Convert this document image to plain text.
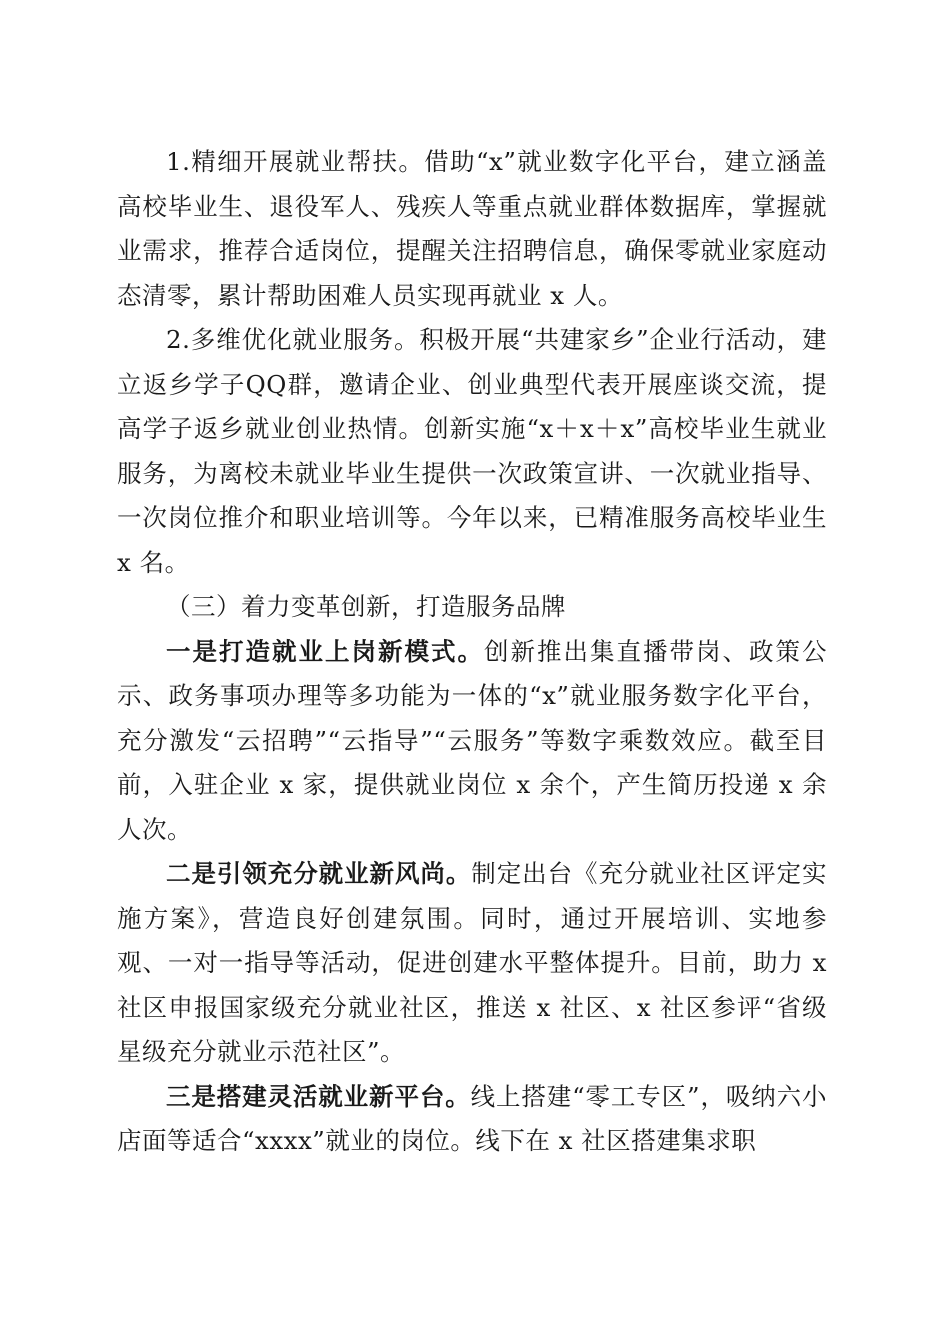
1.精细开展就业帮扶。借助“x”就业数字化平台，建立涵盖高校毕业生、退役军人、残疾人等重点就业群体数据库，掌握就业需求，推荐合适岗位，提醒关注招聘信息，确保零就业家庭动态清零，累计帮助困难人员实现再就业 x 人。

2.多维优化就业服务。积极开展“共建家乡”企业行活动，建立返乡学子QQ群，邀请企业、创业典型代表开展座谈交流，提高学子返乡就业创业热情。创新实施“x＋x＋x”高校毕业生就业服务，为离校未就业毕业生提供一次政策宣讲、一次就业指导、一次岗位推介和职业培训等。今年以来，已精准服务高校毕业生 x 名。

（三）着力变革创新，打造服务品牌

一是打造就业上岗新模式。创新推出集直播带岗、政策公示、政务事项办理等多功能为一体的“x”就业服务数字化平台，充分激发“云招聘”“云指导”“云服务”等数字乘数效应。截至目前，入驻企业 x 家，提供就业岗位 x 余个，产生简历投递 x 余人次。

二是引领充分就业新风尚。制定出台《充分就业社区评定实施方案》，营造良好创建氛围。同时，通过开展培训、实地参观、一对一指导等活动，促进创建水平整体提升。目前，助力 x 社区申报国家级充分就业社区，推送 x 社区、x 社区参评“省级星级充分就业示范社区”。

三是搭建灵活就业新平台。线上搭建“零工专区”，吸纳六小店面等适合“xxxx”就业的岗位。线下在 x 社区搭建集求职
